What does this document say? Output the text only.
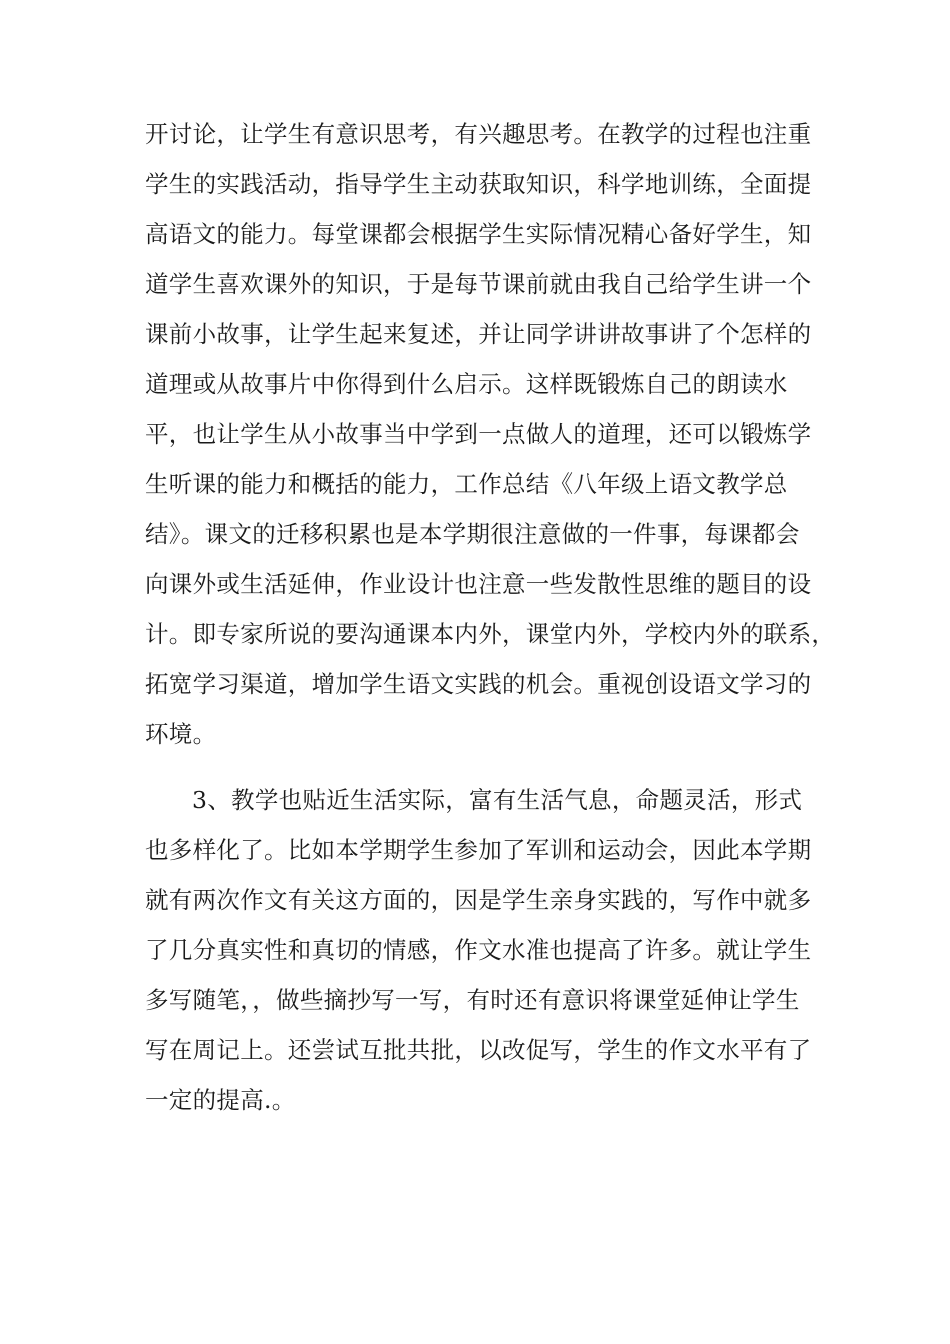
开讨论，让学生有意识思考，有兴趣思考。在教学的过程也注重
学生的实践活动，指导学生主动获取知识，科学地训练，全面提
高语文的能力。每堂课都会根据学生实际情况精心备好学生，知
道学生喜欢课外的知识，于是每节课前就由我自己给学生讲一个
课前小故事，让学生起来复述，并让同学讲讲故事讲了个怎样的
道理或从故事片中你得到什么启示。这样既锻炼自己的朗读水
平，也让学生从小故事当中学到一点做人的道理，还可以锻炼学
生听课的能力和概括的能力，工作总结《八年级上语文教学总
结》。课文的迁移积累也是本学期很注意做的一件事，每课都会
向课外或生活延伸，作业设计也注意一些发散性思维的题目的设
计。即专家所说的要沟通课本内外，课堂内外，学校内外的联系，
拓宽学习渠道，增加学生语文实践的机会。重视创设语文学习的
环境。
3、教学也贴近生活实际，富有生活气息，命题灵活，形式
也多样化了。比如本学期学生参加了军训和运动会，因此本学期
就有两次作文有关这方面的，因是学生亲身实践的，写作中就多
了几分真实性和真切的情感，作文水准也提高了许多。就让学生
多写随笔，，做些摘抄写一写，有时还有意识将课堂延伸让学生
写在周记上。还尝试互批共批，以改促写，学生的作文水平有了
一定的提高.。
